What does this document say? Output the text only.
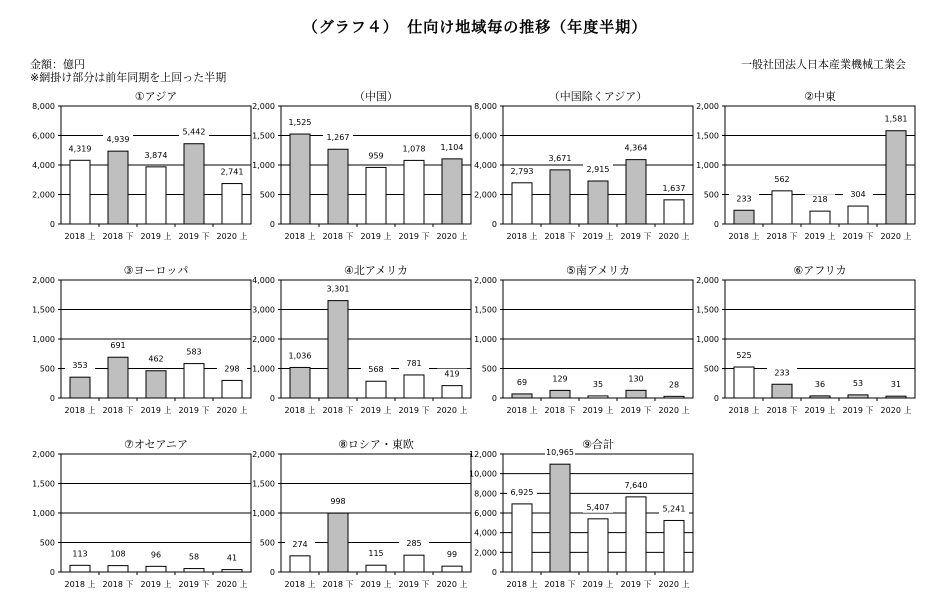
（グラフ４）　仕向け地域毎の推移（年度半期）
金額：億円
※網掛け部分は前年同期を上回った半期
一般社団法人日本産業機械工業会
①アジア
0
2,000
4,000
6,000
8,000
4,319
2018 上
4,939
2018 下
3,874
2019 上
5,442
2019 下
2,741
2020 上
（中国）
0
500
1,000
1,500
2,000
1,525
2018 上
1,267
2018 下
959
2019 上
1,078
2019 下
1,104
2020 上
（中国除くアジア）
0
2,000
4,000
6,000
8,000
2,793
2018 上
3,671
2018 下
2,915
2019 上
4,364
2019 下
1,637
2020 上
②中東
0
500
1,000
1,500
2,000
233
2018 上
562
2018 下
218
2019 上
304
2019 下
1,581
2020 上
③ヨーロッパ
0
500
1,000
1,500
2,000
353
2018 上
691
2018 下
462
2019 上
583
2019 下
298
2020 上
④北アメリカ
0
1,000
2,000
3,000
4,000
1,036
2018 上
3,301
2018 下
568
2019 上
781
2019 下
419
2020 上
⑤南アメリカ
0
500
1,000
1,500
2,000
69
2018 上
129
2018 下
35
2019 上
130
2019 下
28
2020 上
⑥アフリカ
0
500
1,000
1,500
2,000
525
2018 上
233
2018 下
36
2019 上
53
2019 下
31
2020 上
⑦オセアニア
0
500
1,000
1,500
2,000
113
2018 上
108
2018 下
96
2019 上
58
2019 下
41
2020 上
⑧ロシア・東欧
0
500
1,000
1,500
2,000
274
2018 上
998
2018 下
115
2019 上
285
2019 下
99
2020 上
⑨合計
0
2,000
4,000
6,000
8,000
10,000
12,000
6,925
2018 上
10,965
2018 下
5,407
2019 上
7,640
2019 下
5,241
2020 上
